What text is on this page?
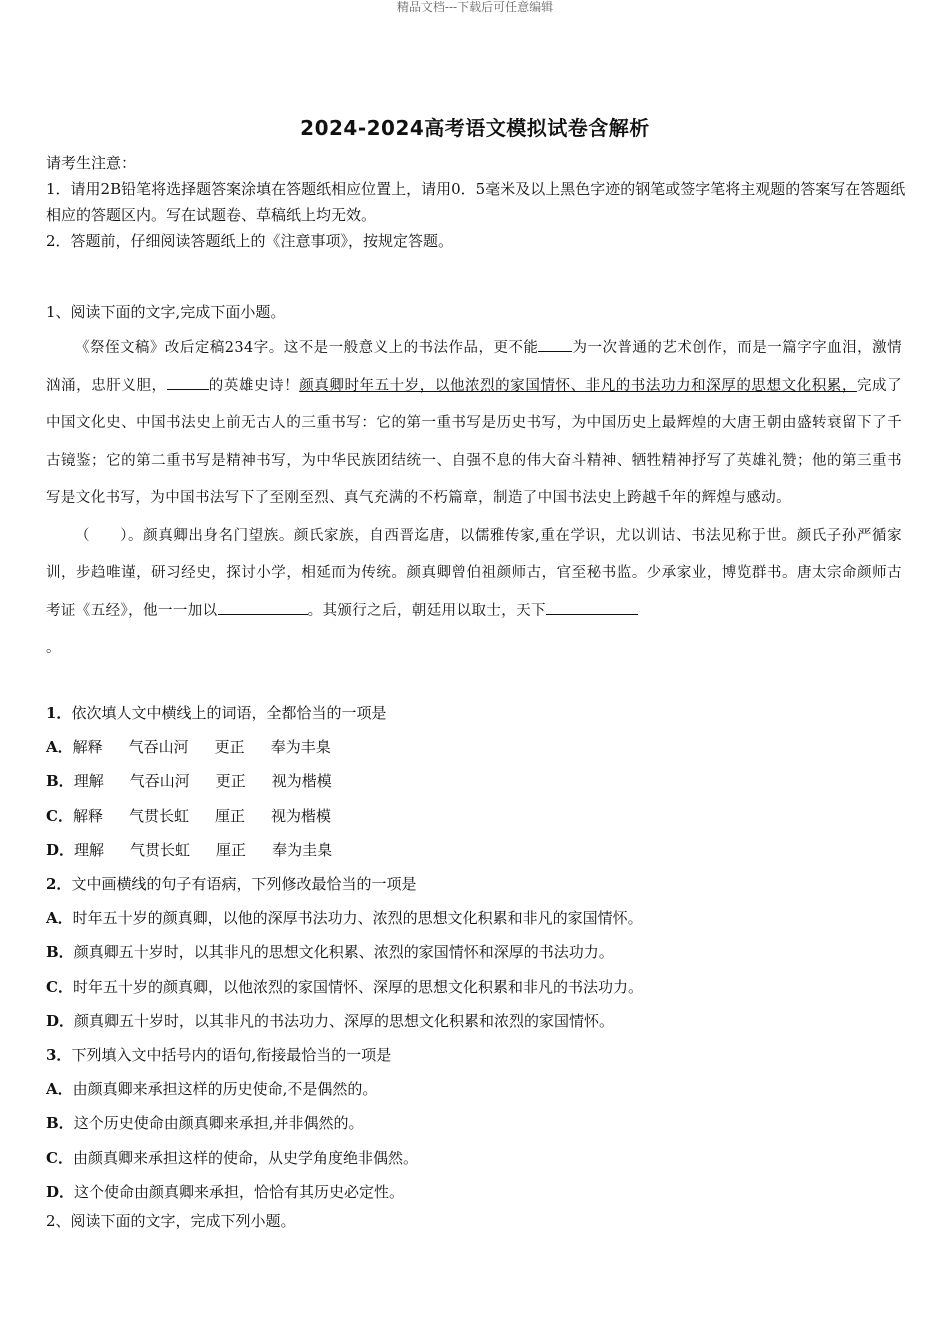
精品文档---下载后可任意编辑
2024-2024高考语文模拟试卷含解析

请考生注意：

1．请用2B铅笔将选择题答案涂填在答题纸相应位置上，请用0．5毫米及以上黑色字迹的钢笔或签字笔将主观题的答案写在答题纸相应的答题区内。写在试题卷、草稿纸上均无效。

2．答题前，仔细阅读答题纸上的《注意事项》，按规定答题。

1、阅读下面的文字,完成下面小题。

《祭侄文稿》改后定稿234字。这不是一般意义上的书法作品，更不能 为一次普通的艺术创作，而是一篇字字血泪，激情汹涌，忠肝义胆，	的英雄史诗！颜真卿时年五十岁，以他浓烈的家国情怀、非凡的书法功力和深厚的思想文化积累，完成了中国文化史、中国书法史上前无古人的三重书写：它的第一重书写是历史书写，为中国历史上最辉煌的大唐王朝由盛转衰留下了千古镜鉴；它的第二重书写是精神书写，为中华民族团结统一、自强不息的伟大奋斗精神、牺牲精神抒写了英雄礼赞；他的第三重书写是文化书写，为中国书法写下了至刚至烈、真气充满的不朽篇章，制造了中国书法史上跨越千年的辉煌与感动。

（　　）。颜真卿出身名门望族。颜氏家族，自西晋迄唐，以儒雅传家,重在学识，尤以训诂、书法见称于世。颜氏子孙严循家训，步趋唯谨，研习经史，探讨小学，相延而为传统。颜真卿曾伯祖颜师古，官至秘书监。少承家业，博览群书。唐太宗命颜师古考证《五经》，他一一加以	。其颁行之后，朝廷用以取士，天下
。

1．依次填人文中横线上的词语，全都恰当的一项是

A．解释 气吞山河 更正 奉为丰臬

B．理解 气吞山河 更正 视为楷模

C．解释 气贯长虹 厘正 视为楷模

D．理解 气贯长虹 厘正 奉为圭臬

2．文中画横线的句子有语病，下列修改最恰当的一项是

A．时年五十岁的颜真卿，以他的深厚书法功力、浓烈的思想文化积累和非凡的家国情怀。

B．颜真卿五十岁时，以其非凡的思想文化积累、浓烈的家国情怀和深厚的书法功力。

C．时年五十岁的颜真卿，以他浓烈的家国情怀、深厚的思想文化积累和非凡的书法功力。

D．颜真卿五十岁时，以其非凡的书法功力、深厚的思想文化积累和浓烈的家国情怀。

3．下列填入文中括号内的语句,衔接最恰当的一项是

A．由颜真卿来承担这样的历史使命,不是偶然的。

B．这个历史使命由颜真卿来承担,并非偶然的。

C．由颜真卿来承担这样的使命，从史学角度绝非偶然。

D．这个使命由颜真卿来承担，恰恰有其历史必定性。

2、阅读下面的文字，完成下列小题。
